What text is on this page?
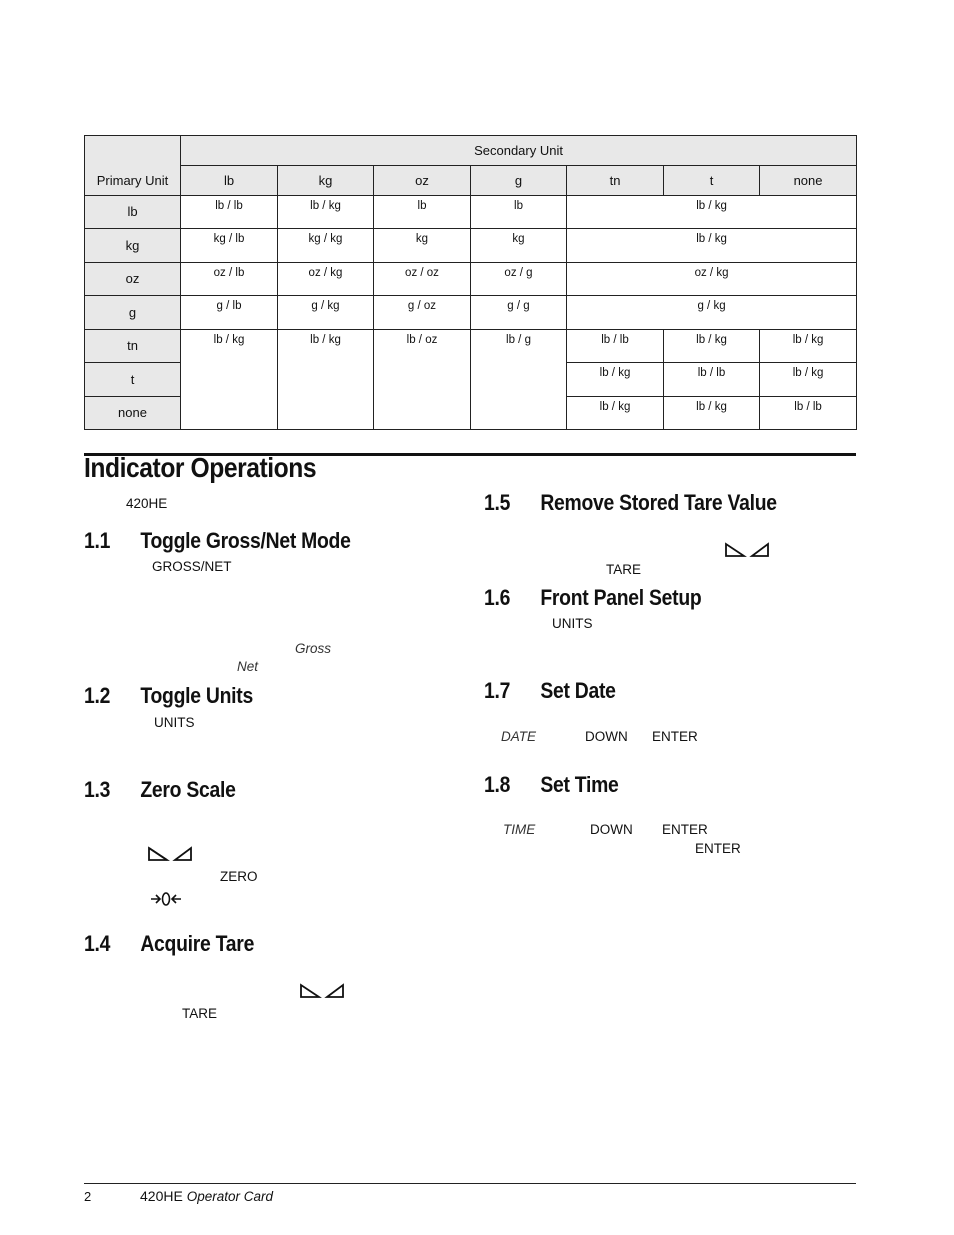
Primary Unit	Secondary Unit						
	lb	kg	oz	g	tn	t	none
lb	lb / lb	lb / kg	lb	lb	lb / kg		
kg	kg / lb	kg / kg	kg	kg	lb / kg		
oz	oz / lb	oz / kg	oz / oz	oz / g	oz / kg		
g	g / lb	g / kg	g / oz	g / g	g / kg		
tn	lb / kg	lb / kg	lb / oz	lb / g	lb / lb	lb / kg	lb / kg
t					lb / kg	lb / lb	lb / kg
none					lb / kg	lb / kg	lb / lb
Indicator Operations
420HE
1.1 Toggle Gross/Net Mode
GROSS/NET
Gross
Net
1.2 Toggle Units
UNITS
1.3 Zero Scale
ZERO
1.4 Acquire Tare
TARE
1.5 Remove Stored Tare Value
TARE
1.6 Front Panel Setup
UNITS
1.7 Set Date
DATE	DOWN ENTER
1.8 Set Time
TIME	DOWN ENTER
ENTER
2	420HE Operator Card
